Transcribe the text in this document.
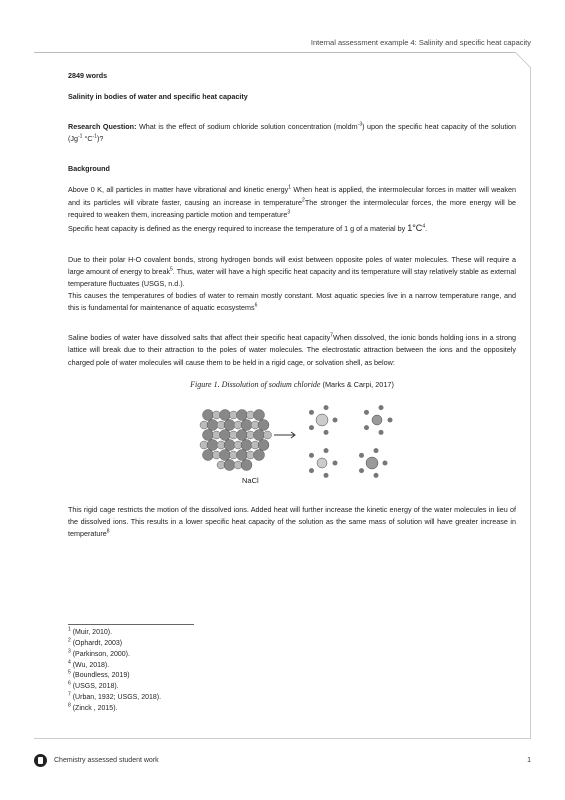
Internal assessment example 4: Salinity and specific heat capacity

2849 words

Salinity in bodies of water and specific heat capacity

Research Question: What is the effect of sodium chloride solution concentration (moldm$^{-3}$) upon the specific heat capacity of the solution ($Jg^{-1}$ $^\circ C^{-1}$)?

Background

Above 0 K, all particles in matter have vibrational and kinetic energy$^1$ When heat is applied, the intermolecular forces in matter will weaken and its particles will vibrate faster, causing an increase in temperature$^2$The stronger the intermolecular forces, the more energy will be required to weaken them, increasing particle motion and temperature$^3$

Specific heat capacity is defined as the energy required to increase the temperature of 1 g of a material by $1^\circ C^4$.

Due to their polar H-O covalent bonds, strong hydrogen bonds will exist between opposite poles of water molecules. These will require a large amount of energy to break$^5$. Thus, water will have a high specific heat capacity and its temperature will stay relatively stable as external temperature fluctuates (USGS, n.d.).

This causes the temperatures of bodies of water to remain mostly constant. Most aquatic species live in a narrow temperature range, and this is fundamental for maintenance of aquatic ecosystems$^6$

Saline bodies of water have dissolved salts that affect their specific heat capacity$^7$When dissolved, the ionic bonds holding ions in a strong lattice will break due to their attraction to the poles of water molecules. The electrostatic attraction between the ions and the oppositely charged pole of water molecules will cause them to be held in a rigid cage, or solvation shell, as below:

Figure 1. Dissolution of sodium chloride (Marks & Carpi, 2017)

NaCl

This rigid cage restricts the motion of the dissolved ions. Added heat will further increase the kinetic energy of the water molecules in lieu of the dissolved ions. This results in a lower specific heat capacity of the solution as the same mass of solution will have greater increase in temperature$^8$

$^1$ (Muir, 2010).
$^2$ (Ophardt, 2003)
$^3$ (Parkinson, 2000).
$^4$ (Wu, 2018).
$^5$ (Boundless, 2019)
$^6$ (USGS, 2018).
$^7$ (Urban, 1932; USGS, 2018).
$^8$ (Zinck , 2015).
Chemistry assessed student work	1
